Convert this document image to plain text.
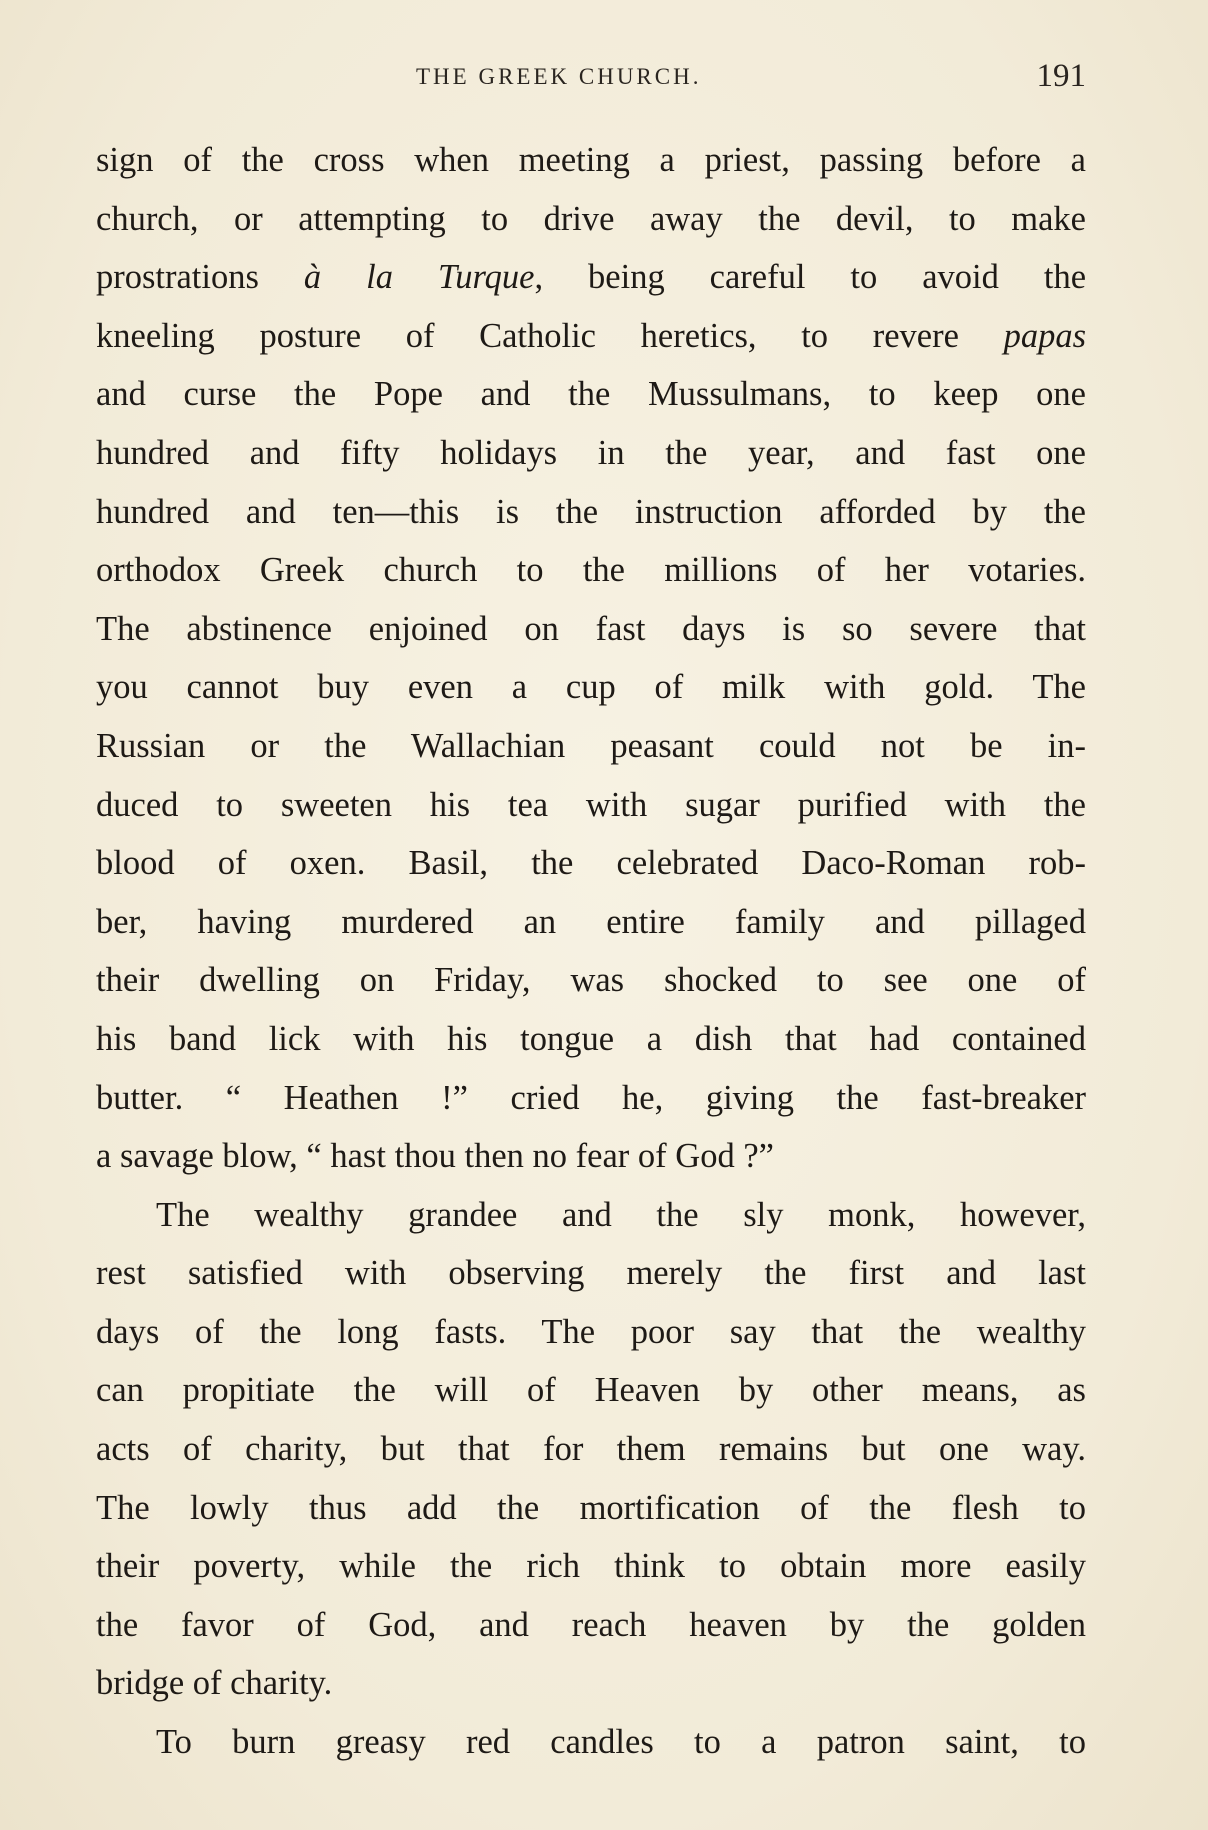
THE GREEK CHURCH.	191
sign of the cross when meeting a priest, passing before a
church, or attempting to drive away the devil, to make
prostrations à la Turque, being careful to avoid the
kneeling posture of Catholic heretics, to revere papas
and curse the Pope and the Mussulmans, to keep one
hundred and fifty holidays in the year, and fast one
hundred and ten—this is the instruction afforded by the
orthodox Greek church to the millions of her votaries.
The abstinence enjoined on fast days is so severe that
you cannot buy even a cup of milk with gold. The
Russian or the Wallachian peasant could not be in-
duced to sweeten his tea with sugar purified with the
blood of oxen. Basil, the celebrated Daco-Roman rob-
ber, having murdered an entire family and pillaged
their dwelling on Friday, was shocked to see one of
his band lick with his tongue a dish that had contained
butter. “ Heathen !” cried he, giving the fast-breaker
a savage blow, “ hast thou then no fear of God ?”
The wealthy grandee and the sly monk, however,
rest satisfied with observing merely the first and last
days of the long fasts. The poor say that the wealthy
can propitiate the will of Heaven by other means, as
acts of charity, but that for them remains but one way.
The lowly thus add the mortification of the flesh to
their poverty, while the rich think to obtain more easily
the favor of God, and reach heaven by the golden
bridge of charity.
To burn greasy red candles to a patron saint, to
